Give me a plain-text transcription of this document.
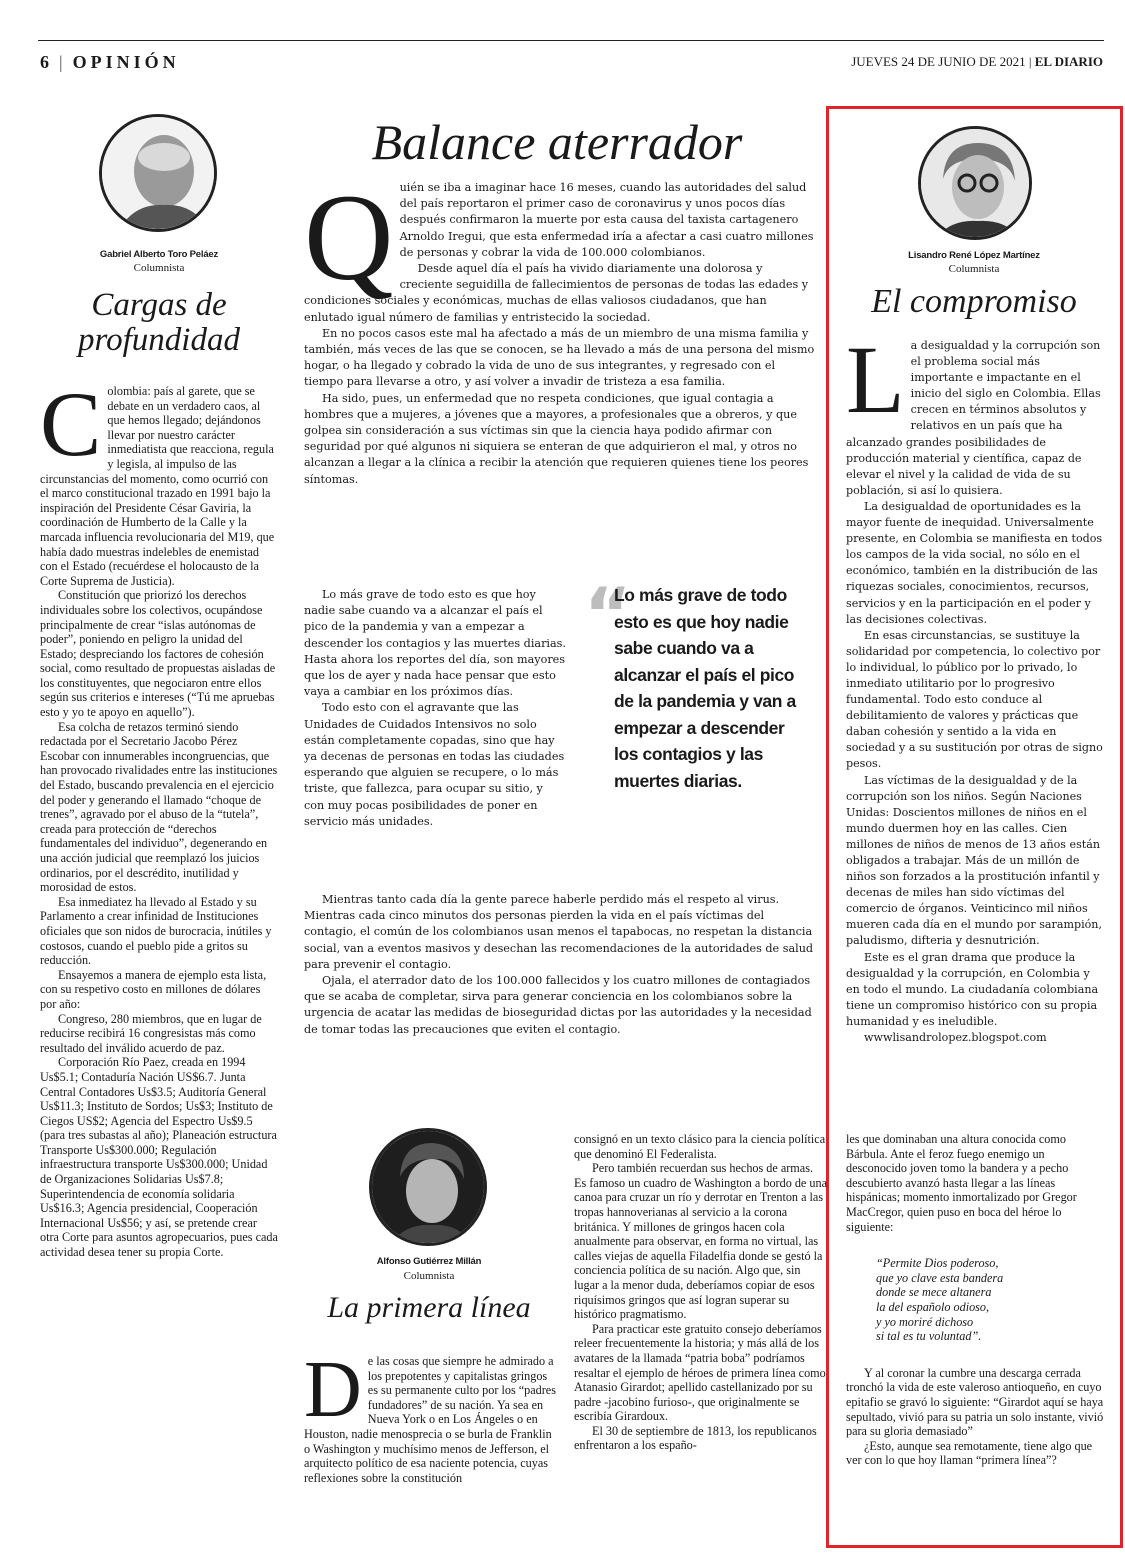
6 | OPINIÓN	JUEVES 24 DE JUNIO DE 2021 | EL DIARIO
Gabriel Alberto Toro Peláez
Columnista
Cargas de profundidad

Colombia: país al garete, que se debate en un verdadero caos, al que hemos llegado; dejándonos llevar por nuestro carácter inmediatista que reacciona, regula y legisla, al impulso de las circunstancias del momento, como ocurrió con el marco constitucional trazado en 1991 bajo la inspiración del Presidente César Gaviria, la coordinación de Humberto de la Calle y la marcada influencia revolucionaria del M19, que había dado muestras indelebles de enemistad con el Estado (recuérdese el holocausto de la Corte Suprema de Justicia).

Constitución que priorizó los derechos individuales sobre los colectivos, ocupándose principalmente de crear “islas autónomas de poder”, poniendo en peligro la unidad del Estado; despreciando los factores de cohesión social, como resultado de propuestas aisladas de los constituyentes, que negociaron entre ellos según sus criterios e intereses (“Tú me apruebas esto y yo te apoyo en aquello”).

Esa colcha de retazos terminó siendo redactada por el Secretario Jacobo Pérez Escobar con innumerables incongruencias, que han provocado rivalidades entre las instituciones del Estado, buscando prevalencia en el ejercicio del poder y generando el llamado “choque de trenes”, agravado por el abuso de la “tutela”, creada para protección de “derechos fundamentales del individuo”, degenerando en una acción judicial que reemplazó los juicios ordinarios, por el descrédito, inutilidad y morosidad de estos.

Esa inmediatez ha llevado al Estado y su Parlamento a crear infinidad de Instituciones oficiales que son nidos de burocracia, inútiles y costosos, cuando el pueblo pide a gritos su reducción.

Ensayemos a manera de ejemplo esta lista, con su respetivo costo en millones de dólares por año:

Congreso, 280 miembros, que en lugar de reducirse recibirá 16 congresistas más como resultado del inválido acuerdo de paz.

Corporación Río Paez, creada en 1994 Us$5.1; Contaduría Nación US$6.7. Junta Central Contadores Us$3.5; Auditoría General Us$11.3; Instituto de Sordos; Us$3; Instituto de Ciegos US$2; Agencia del Espectro Us$9.5 (para tres subastas al año); Planeación estructura Transporte Us$300.000; Regulación infraestructura transporte Us$300.000; Unidad de Organizaciones Solidarias Us$7.8; Superintendencia de economía solidaria Us$16.3; Agencia presidencial, Cooperación Internacional Us$56; y así, se pretende crear otra Corte para asuntos agropecuarios, pues cada actividad desea tener su propia Corte.

Balance aterrador

Quién se iba a imaginar hace 16 meses, cuando las autoridades del salud del país reportaron el primer caso de coronavirus y unos pocos días después confirmaron la muerte por esta causa del taxista cartagenero Arnoldo Iregui, que esta enfermedad iría a afectar a casi cuatro millones de personas y cobrar la vida de 100.000 colombianos.

Desde aquel día el país ha vivido diariamente una dolorosa y creciente seguidilla de fallecimientos de personas de todas las edades y condiciones sociales y económicas, muchas de ellas valiosos ciudadanos, que han enlutado igual número de familias y entristecido la sociedad.

En no pocos casos este mal ha afectado a más de un miembro de una misma familia y también, más veces de las que se conocen, se ha llevado a más de una persona del mismo hogar, o ha llegado y cobrado la vida de uno de sus integrantes, y regresado con el tiempo para llevarse a otro, y así volver a invadir de tristeza a esa familia.

Ha sido, pues, un enfermedad que no respeta condiciones, que igual contagia a hombres que a mujeres, a jóvenes que a mayores, a profesionales que a obreros, y que golpea sin consideración a sus víctimas sin que la ciencia haya podido afirmar con seguridad por qué algunos ni siquiera se enteran de que adquirieron el mal, y otros no alcanzan a llegar a la clínica a recibir la atención que requieren quienes tiene los peores síntomas.

Lo más grave de todo esto es que hoy nadie sabe cuando va a alcanzar el país el pico de la pandemia y van a empezar a descender los contagios y las muertes diarias. Hasta ahora los reportes del día, son mayores que los de ayer y nada hace pensar que esto vaya a cambiar en los próximos días.

Todo esto con el agravante que las Unidades de Cuidados Intensivos no solo están completamente copadas, sino que hay ya decenas de personas en todas las ciudades esperando que alguien se recupere, o lo más triste, que fallezca, para ocupar su sitio, y con muy pocas posibilidades de poner en servicio más unidades.

Mientras tanto cada día la gente parece haberle perdido más el respeto al virus. Mientras cada cinco minutos dos personas pierden la vida en el país víctimas del contagio, el común de los colombianos usan menos el tapabocas, no respetan la distancia social, van a eventos masivos y desechan las recomendaciones de la autoridades de salud para prevenir el contagio.

Ojala, el aterrador dato de los 100.000 fallecidos y los cuatro millones de contagiados que se acaba de completar, sirva para generar conciencia en los colombianos sobre la urgencia de acatar las medidas de bioseguridad dictas por las autoridades y la necesidad de tomar todas las precauciones que eviten el contagio.

“
Lo más grave de todo esto es que hoy nadie sabe cuando va a alcanzar el país el pico de la pandemia y van a empezar a descender los contagios y las muertes diarias.
Lisandro René López Martínez
Columnista
El compromiso

La desigualdad y la corrupción son el problema social más importante e impactante en el inicio del siglo en Colombia. Ellas crecen en términos absolutos y relativos en un país que ha alcanzado grandes posibilidades de producción material y científica, capaz de elevar el nivel y la calidad de vida de su población, si así lo quisiera.

La desigualdad de oportunidades es la mayor fuente de inequidad. Universalmente presente, en Colombia se manifiesta en todos los campos de la vida social, no sólo en el económico, también en la distribución de las riquezas sociales, conocimientos, recursos, servicios y en la participación en el poder y las decisiones colectivas.

En esas circunstancias, se sustituye la solidaridad por competencia, lo colectivo por lo individual, lo público por lo privado, lo inmediato utilitario por lo progresivo fundamental. Todo esto conduce al debilitamiento de valores y prácticas que daban cohesión y sentido a la vida en sociedad y a su sustitución por otras de signo pesos.

Las víctimas de la desigualdad y de la corrupción son los niños. Según Naciones Unidas: Doscientos millones de niños en el mundo duermen hoy en las calles. Cien millones de niños de menos de 13 años están obligados a trabajar. Más de un millón de niños son forzados a la prostitución infantil y decenas de miles han sido víctimas del comercio de órganos. Veinticinco mil niños mueren cada día en el mundo por sarampión, paludismo, difteria y desnutrición.

Este es el gran drama que produce la desigualdad y la corrupción, en Colombia y en todo el mundo. La ciudadanía colombiana tiene un compromiso histórico con su propia humanidad y es ineludible.

wwwlisandrolopez.blogspot.com

Alfonso Gutiérrez Millán
Columnista
La primera línea

De las cosas que siempre he admirado a los prepotentes y capitalistas gringos es su permanente culto por los “padres fundadores” de su nación. Ya sea en Nueva York o en Los Ángeles o en Houston, nadie menosprecia o se burla de Franklin o Washington y muchísimo menos de Jefferson, el arquitecto político de esa naciente potencia, cuyas reflexiones sobre la constitución

consignó en un texto clásico para la ciencia política que denominó El Federalista.

Pero también recuerdan sus hechos de armas. Es famoso un cuadro de Washington a bordo de una canoa para cruzar un río y derrotar en Trenton a las tropas hannoverianas al servicio a la corona británica. Y millones de gringos hacen cola anualmente para observar, en forma no virtual, las calles viejas de aquella Filadelfia donde se gestó la conciencia política de su nación. Algo que, sin lugar a la menor duda, deberíamos copiar de esos riquísimos gringos que así logran superar su histórico pragmatismo.

Para practicar este gratuito consejo deberíamos releer frecuentemente la historia; y más allá de los avatares de la llamada “patria boba” podríamos resaltar el ejemplo de héroes de primera línea como Atanasio Girardot; apellido castellanizado por su padre -jacobino furioso-, que originalmente se escribía Girardoux.

El 30 de septiembre de 1813, los republicanos enfrentaron a los españo-

les que dominaban una altura conocida como Bárbula. Ante el feroz fuego enemigo un desconocido joven tomo la bandera y a pecho descubierto avanzó hasta llegar a las líneas hispánicas; momento inmortalizado por Gregor MacCregor, quien puso en boca del héroe lo siguiente:

“Permite Dios poderoso,
que yo clave esta bandera
donde se mece altanera
la del españolo odioso,
y yo moriré dichoso
si tal es tu voluntad”.

Y al coronar la cumbre una descarga cerrada tronchó la vida de este valeroso antioqueño, en cuyo epitafio se gravó lo siguiente: “Girardot aquí se haya sepultado, vivió para su patria un solo instante, vivió para su gloria demasiado”

¿Esto, aunque sea remotamente, tiene algo que ver con lo que hoy llaman “primera línea”?
